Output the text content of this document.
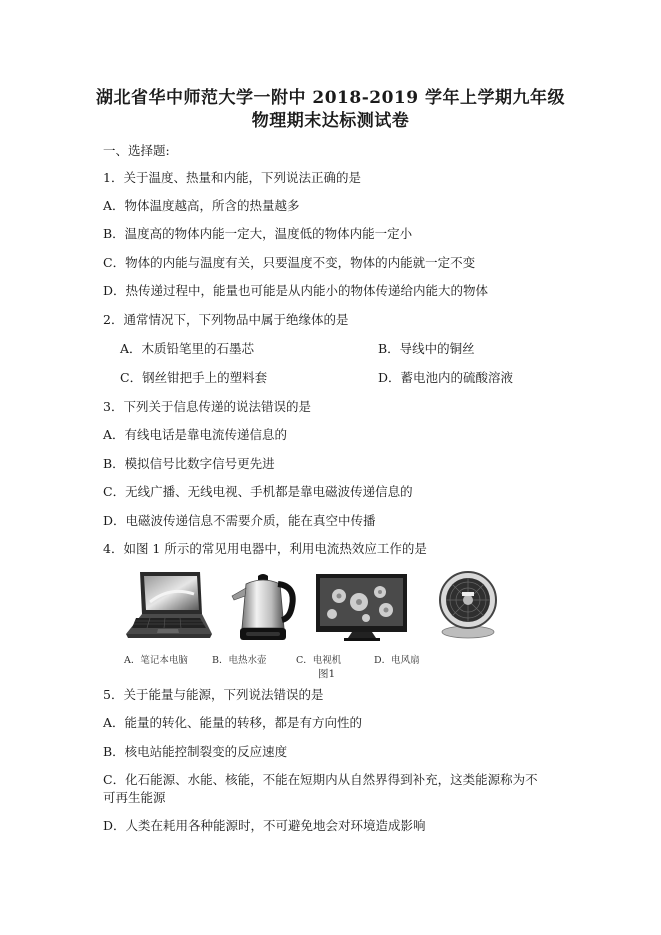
湖北省华中师范大学一附中 2018-2019 学年上学期九年级
物理期末达标测试卷
一、选择题:
1．关于温度、热量和内能，下列说法正确的是
A．物体温度越高，所含的热量越多
B．温度高的物体内能一定大，温度低的物体内能一定小
C．物体的内能与温度有关，只要温度不变，物体的内能就一定不变
D．热传递过程中，能量也可能是从内能小的物体传递给内能大的物体
2．通常情况下，下列物品中属于绝缘体的是
A．木质铅笔里的石墨芯	B．导线中的铜丝
C．钢丝钳把手上的塑料套	D．蓄电池内的硫酸溶液
3．下列关于信息传递的说法错误的是
A．有线电话是靠电流传递信息的
B．模拟信号比数字信号更先进
C．无线广播、无线电视、手机都是靠电磁波传递信息的
D．电磁波传递信息不需要介质，能在真空中传播
4．如图 1 所示的常见用电器中，利用电流热效应工作的是
A．笔记本电脑	B．电热水壶	C．电视机	D．电风扇
图1
5．关于能量与能源，下列说法错误的是
A．能量的转化、能量的转移，都是有方向性的
B．核电站能控制裂变的反应速度
C．化石能源、水能、核能，不能在短期内从自然界得到补充，这类能源称为不
可再生能源
D．人类在耗用各种能源时，不可避免地会对环境造成影响
